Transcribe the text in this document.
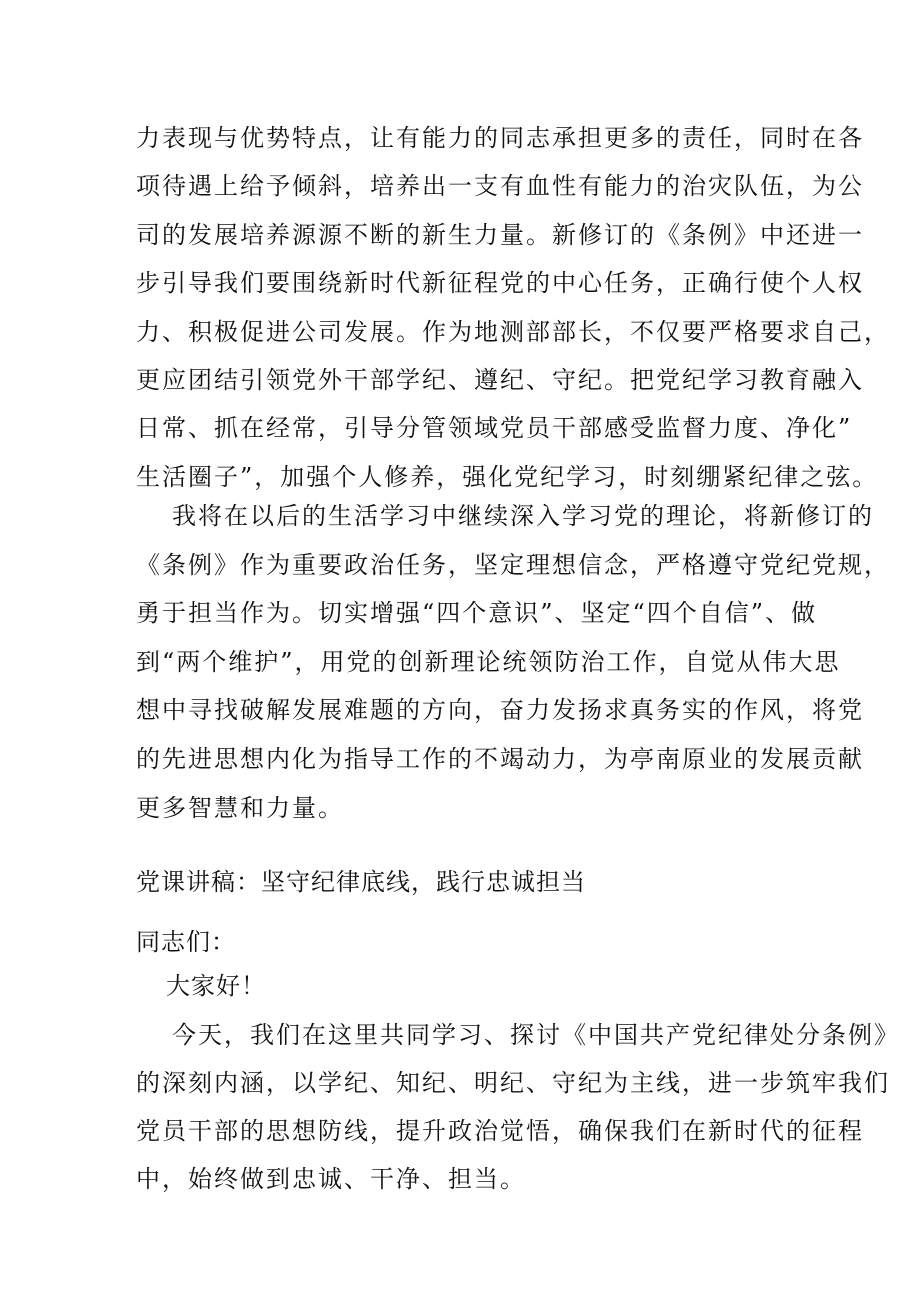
力表现与优势特点，让有能力的同志承担更多的责任，同时在各
项待遇上给予倾斜，培养出一支有血性有能力的治灾队伍，为公
司的发展培养源源不断的新生力量。新修订的《条例》中还进一
步引导我们要围绕新时代新征程党的中心任务，正确行使个人权
力、积极促进公司发展。作为地测部部长，不仅要严格要求自己，
更应团结引领党外干部学纪、遵纪、守纪。把党纪学习教育融入
日常、抓在经常，引导分管领域党员干部感受监督力度、净化”
生活圈子”，加强个人修养，强化党纪学习，时刻绷紧纪律之弦。
我将在以后的生活学习中继续深入学习党的理论，将新修订的
《条例》作为重要政治任务，坚定理想信念，严格遵守党纪党规，
勇于担当作为。切实增强“四个意识”、坚定“四个自信”、做
到“两个维护”，用党的创新理论统领防治工作，自觉从伟大思
想中寻找破解发展难题的方向，奋力发扬求真务实的作风，将党
的先进思想内化为指导工作的不竭动力，为亭南原业的发展贡献
更多智慧和力量。
党课讲稿：坚守纪律底线，践行忠诚担当
同志们：
大家好！
今天，我们在这里共同学习、探讨《中国共产党纪律处分条例》
的深刻内涵，以学纪、知纪、明纪、守纪为主线，进一步筑牢我们
党员干部的思想防线，提升政治觉悟，确保我们在新时代的征程
中，始终做到忠诚、干净、担当。
